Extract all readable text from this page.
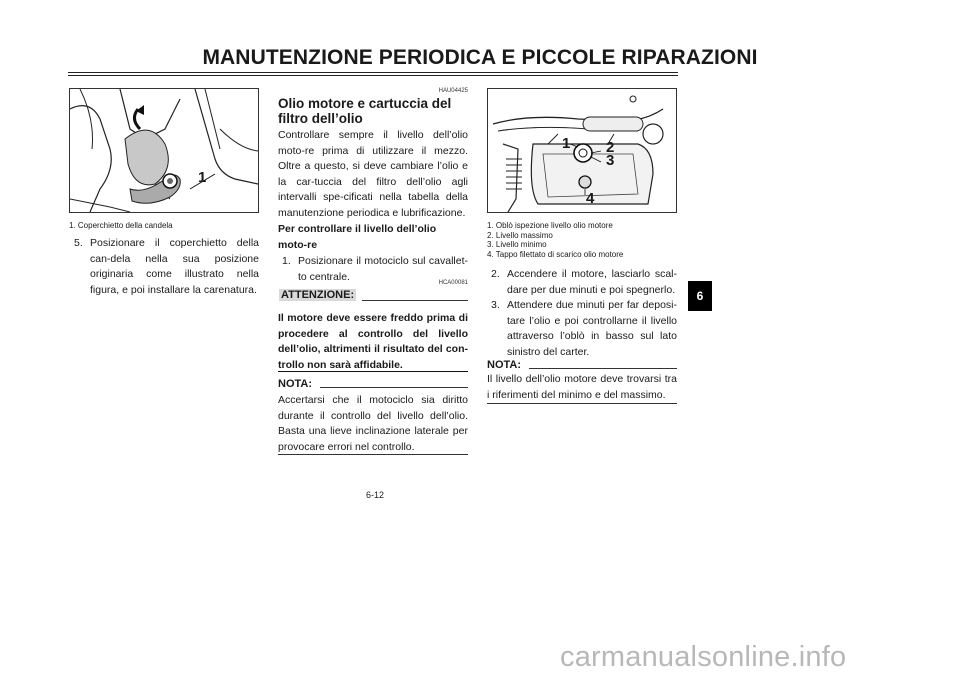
MANUTENZIONE PERIODICA E PICCOLE RIPARAZIONI
1
1. Coperchietto della candela
5. Posizionare il coperchietto della can-dela nella sua posizione originaria come illustrato nella figura, e poi installare la carenatura.
HAU04425
Olio motore e cartuccia del filtro dell’olio
Controllare sempre il livello dell’olio moto-re prima di utilizzare il mezzo. Oltre a questo, si deve cambiare l’olio e la car-tuccia del filtro dell’olio agli intervalli spe-cificati nella tabella della manutenzione periodica e lubrificazione.
Per controllare il livello dell’olio moto-re
1. Posizionare il motociclo sul cavallet-to centrale.
HCA00081
ATTENZIONE:
Il motore deve essere freddo prima di procedere al controllo del livello dell’olio, altrimenti il risultato del con-trollo non sarà affidabile.
NOTA:
Accertarsi che il motociclo sia diritto durante il controllo del livello dell’olio. Basta una lieve inclinazione laterale per provocare errori nel controllo.
1 2
3
4
1. Oblò ispezione livello olio motore
2. Livello massimo
3. Livello minimo
4. Tappo filettato di scarico olio motore
2. Accendere il motore, lasciarlo scal-dare per due minuti e poi spegnerlo.
3. Attendere due minuti per far deposi-tare l’olio e poi controllarne il livello attraverso l’oblò in basso sul lato sinistro del carter.
NOTA:
Il livello dell’olio motore deve trovarsi tra i riferimenti del minimo e del massimo.
6
6-12
carmanualsonline.info
